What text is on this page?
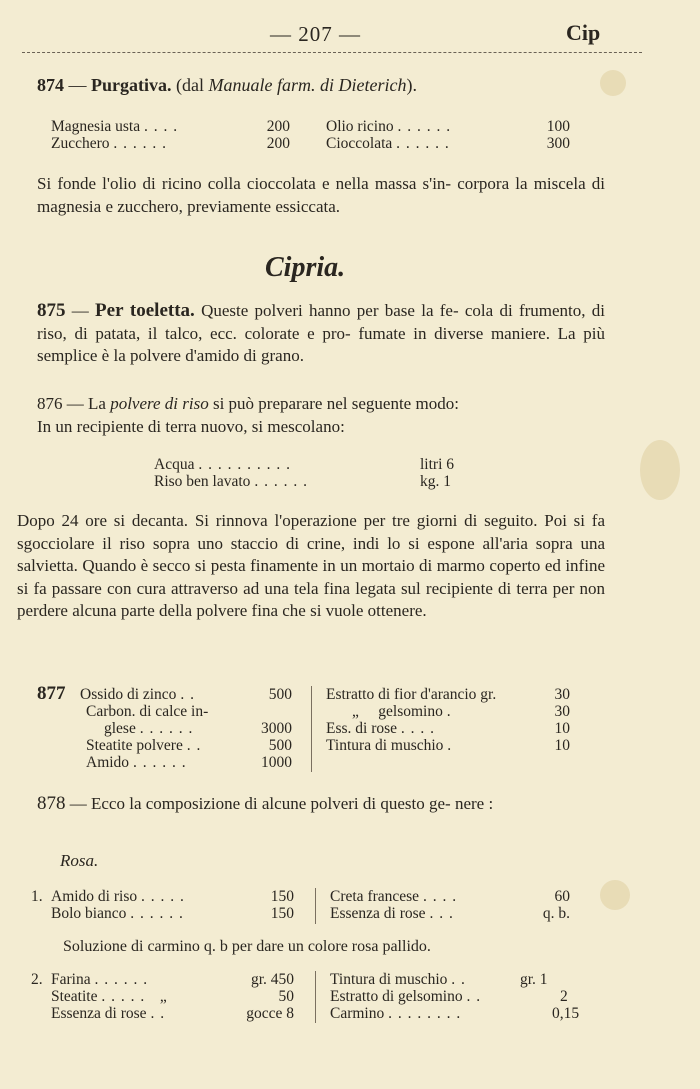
— 207 —	Cip
874 — Purgativa. (dal Manuale farm. di Dieterich).
Magnesia usta . . . .	200
Zucchero . . . . . .	200
Olio ricino . . . . . .	100
Cioccolata . . . . . .	300

Si fonde l'olio di ricino colla cioccolata e nella massa s'in- corpora la miscela di magnesia e zucchero, previamente essiccata.

Cipria.

875 — Per toeletta. Queste polveri hanno per base la fe- cola di frumento, di riso, di patata, il talco, ecc. colorate e pro- fumate in diverse maniere. La più semplice è la polvere d'amido di grano.

876 — La polvere di riso si può preparare nel seguente modo:

In un recipiente di terra nuovo, si mescolano:

Acqua . . . . . . . . . .	litri 6
Riso ben lavato . . . . . .	kg. 1

Dopo 24 ore si decanta. Si rinnova l'operazione per tre giorni di seguito. Poi si fa sgocciolare il riso sopra uno staccio di crine, indi lo si espone all'aria sopra una salvietta. Quando è secco si pesta finamente in un mortaio di marmo coperto ed infine si fa passare con cura attraverso ad una tela fina legata sul recipiente di terra per non perdere alcuna parte della polvere fina che si vuole ottenere.

877 Ossido di zinco . .	500
Carbon. di calce in-
glese . . . . . .	3000
Steatite polvere . .	500
Amido . . . . . .	1000
Estratto di fior d'arancio gr.	30
„     gelsomino .	30
Ess. di rose . . . .	10
Tintura di muschio .	10

878 — Ecco la composizione di alcune polveri di questo ge- nere :

Rosa.
1. Amido di riso . . . . .	150
Bolo bianco . . . . . .	150
Creta francese . . . .	60
Essenza di rose . . .	q. b.
Soluzione di carmino q. b per dare un colore rosa pallido.
2. Farina . . . . . .	gr. 450
Steatite . . . . .   „	50
Essenza di rose . .	gocce 8
Tintura di muschio . .	gr. 1
Estratto di gelsomino . .	2
Carmino . . . . . . . .	0,15
